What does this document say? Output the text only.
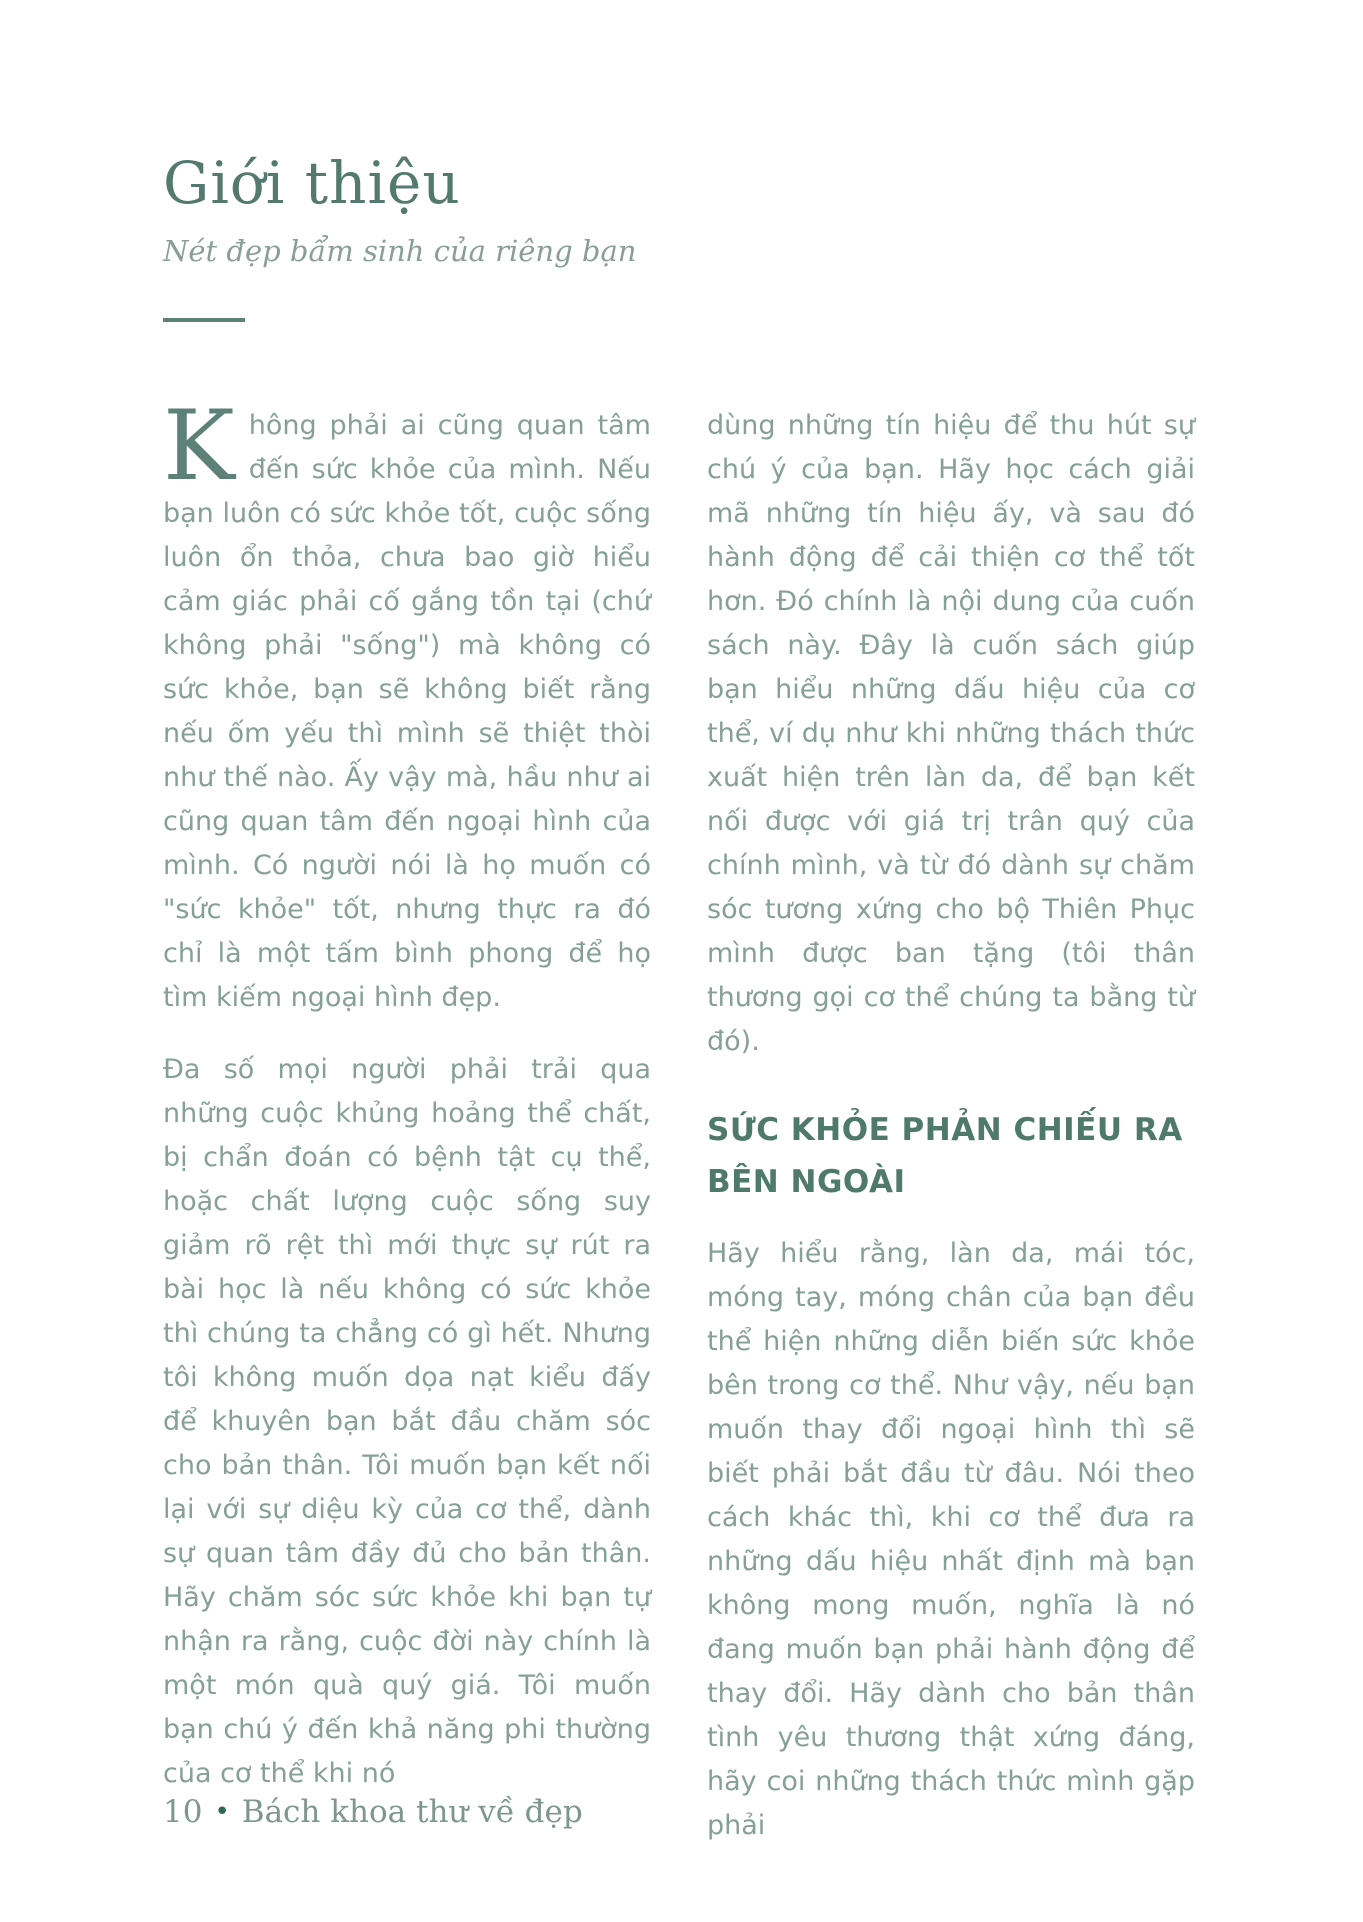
Giới thiệu

Nét đẹp bẩm sinh của riêng bạn

Không phải ai cũng quan tâm đến sức khỏe của mình. Nếu bạn luôn có sức khỏe tốt, cuộc sống luôn ổn thỏa, chưa bao giờ hiểu cảm giác phải cố gắng tồn tại (chứ không phải "sống") mà không có sức khỏe, bạn sẽ không biết rằng nếu ốm yếu thì mình sẽ thiệt thòi như thế nào. Ấy vậy mà, hầu như ai cũng quan tâm đến ngoại hình của mình. Có người nói là họ muốn có "sức khỏe" tốt, nhưng thực ra đó chỉ là một tấm bình phong để họ tìm kiếm ngoại hình đẹp.

Đa số mọi người phải trải qua những cuộc khủng hoảng thể chất, bị chẩn đoán có bệnh tật cụ thể, hoặc chất lượng cuộc sống suy giảm rõ rệt thì mới thực sự rút ra bài học là nếu không có sức khỏe thì chúng ta chẳng có gì hết. Nhưng tôi không muốn dọa nạt kiểu đấy để khuyên bạn bắt đầu chăm sóc cho bản thân. Tôi muốn bạn kết nối lại với sự diệu kỳ của cơ thể, dành sự quan tâm đầy đủ cho bản thân. Hãy chăm sóc sức khỏe khi bạn tự nhận ra rằng, cuộc đời này chính là một món quà quý giá. Tôi muốn bạn chú ý đến khả năng phi thường của cơ thể khi nó

dùng những tín hiệu để thu hút sự chú ý của bạn. Hãy học cách giải mã những tín hiệu ấy, và sau đó hành động để cải thiện cơ thể tốt hơn. Đó chính là nội dung của cuốn sách này. Đây là cuốn sách giúp bạn hiểu những dấu hiệu của cơ thể, ví dụ như khi những thách thức xuất hiện trên làn da, để bạn kết nối được với giá trị trân quý của chính mình, và từ đó dành sự chăm sóc tương xứng cho bộ Thiên Phục mình được ban tặng (tôi thân thương gọi cơ thể chúng ta bằng từ đó).

SỨC KHỎE PHẢN CHIẾU RA BÊN NGOÀI

Hãy hiểu rằng, làn da, mái tóc, móng tay, móng chân của bạn đều thể hiện những diễn biến sức khỏe bên trong cơ thể. Như vậy, nếu bạn muốn thay đổi ngoại hình thì sẽ biết phải bắt đầu từ đâu. Nói theo cách khác thì, khi cơ thể đưa ra những dấu hiệu nhất định mà bạn không mong muốn, nghĩa là nó đang muốn bạn phải hành động để thay đổi. Hãy dành cho bản thân tình yêu thương thật xứng đáng, hãy coi những thách thức mình gặp phải

10 • Bách khoa thư về đẹp
